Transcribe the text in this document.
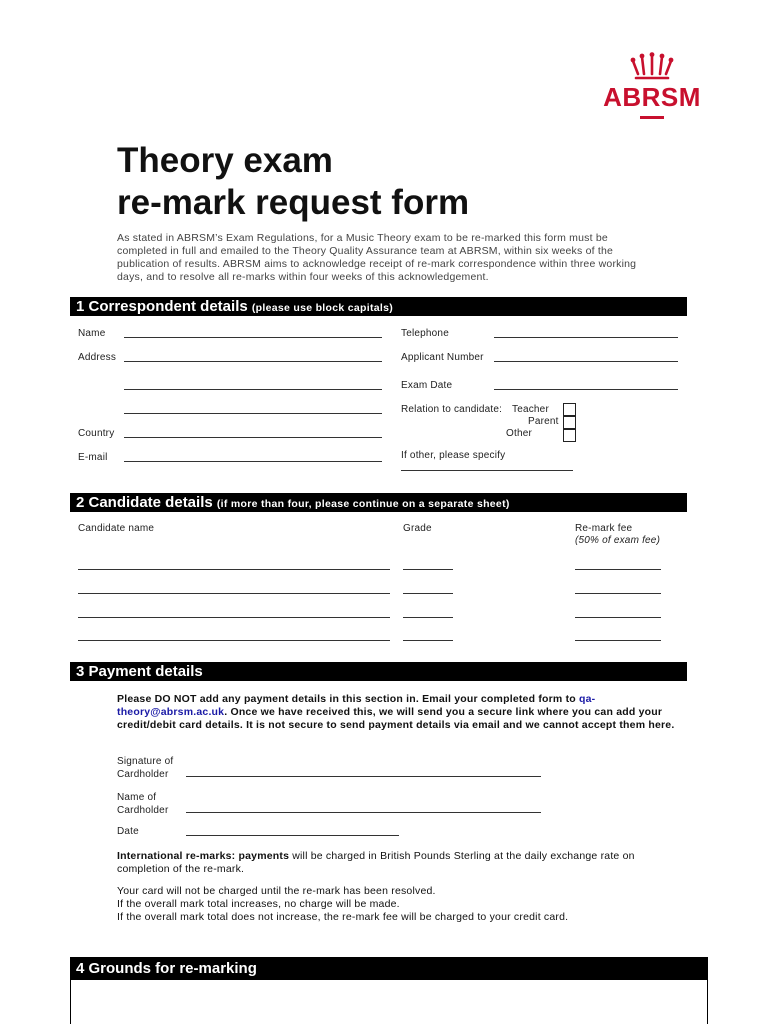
ABRSM
Theory exam
re-mark request form
As stated in ABRSM’s Exam Regulations, for a Music Theory exam to be re-marked this form must be completed in full and emailed to the Theory Quality Assurance team at ABRSM, within six weeks of the publication of results. ABRSM aims to acknowledge receipt of re-mark correspondence within three working days, and to resolve all re-marks within four weeks of this acknowledgement.
1 Correspondent details (please use block capitals)
Name
Address
Country
E-mail
Telephone
Applicant Number
Exam Date
Relation to candidate: Teacher
Parent
Other
If other, please specify
2 Candidate details (if more than four, please continue on a separate sheet)
Candidate name	Grade	Re-mark fee
(50% of exam fee)
3 Payment details
Please DO NOT add any payment details in this section in. Email your completed form to qa-theory@abrsm.ac.uk. Once we have received this, we will send you a secure link where you can add your credit/debit card details. It is not secure to send payment details via email and we cannot accept them here.
Signature of
Cardholder
Name of
Cardholder
Date
International re-marks: payments will be charged in British Pounds Sterling at the daily exchange rate on completion of the re-mark.
Your card will not be charged until the re-mark has been resolved.
If the overall mark total increases, no charge will be made.
If the overall mark total does not increase, the re-mark fee will be charged to your credit card.
4 Grounds for re-marking
